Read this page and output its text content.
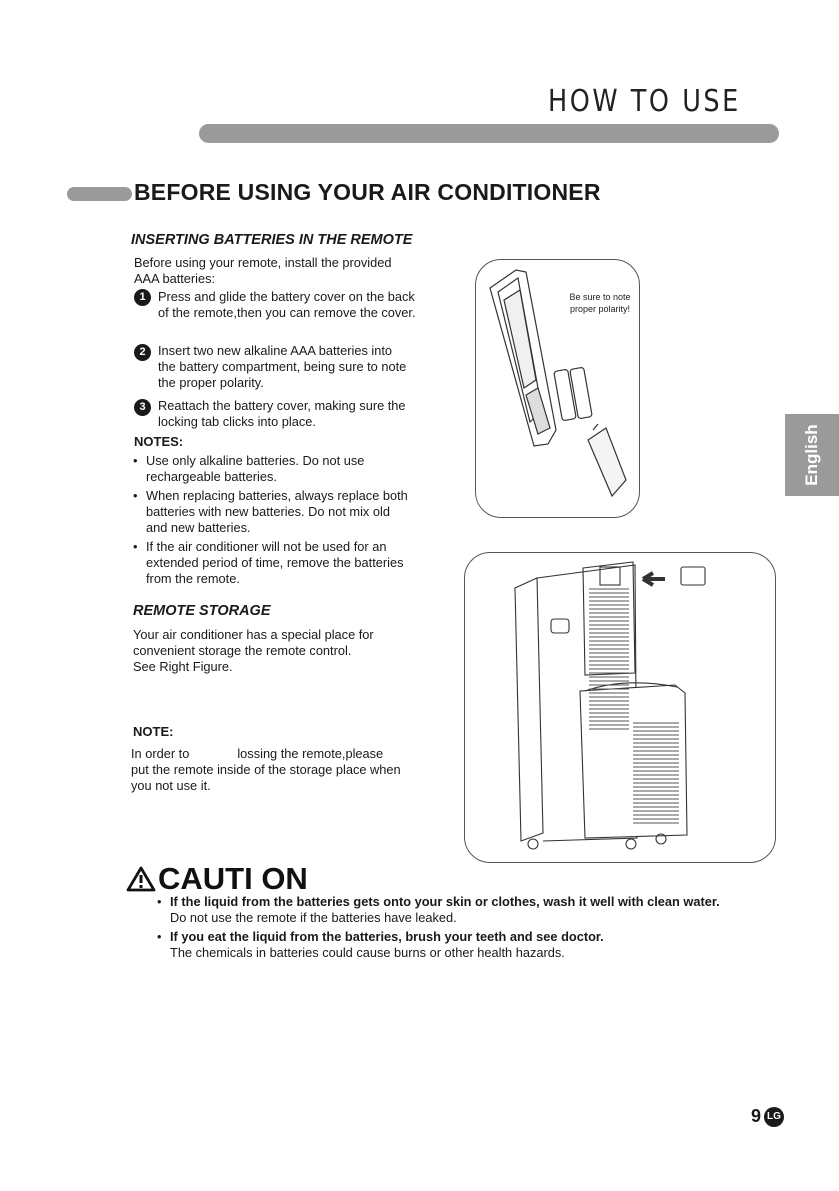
HOW TO USE
BEFORE USING YOUR AIR CONDITIONER
INSERTING BATTERIES IN THE REMOTE
Before using your remote, install the provided
AAA batteries:
1 Press and glide the battery cover on the back
of the remote,then you can remove the cover.
2 Insert two new alkaline AAA batteries into
the battery compartment, being sure to note
the proper polarity.
3 Reattach the battery cover, making sure the
locking tab clicks into place.
NOTES:
• Use only alkaline batteries. Do not use
rechargeable batteries.
• When replacing batteries, always replace both
batteries with new batteries. Do not mix old
and new batteries.
• If the air conditioner will not be used for an
extended period of time, remove the batteries
from the remote.
Be sure to note
proper polarity!
English
REMOTE STORAGE
Your air conditioner has a special place for
convenient storage the remote control.
See Right Figure.
NOTE:
In order to	lossing the remote,please
put the remote inside of the storage place when
you not use it.
CAUTI ON
• If the liquid from the batteries gets onto your skin or clothes, wash it well with clean water.
Do not use the remote if the batteries have leaked.
• If you eat the liquid from the batteries, brush your teeth and see doctor.
The chemicals in batteries could cause burns or other health hazards.
9 LG
